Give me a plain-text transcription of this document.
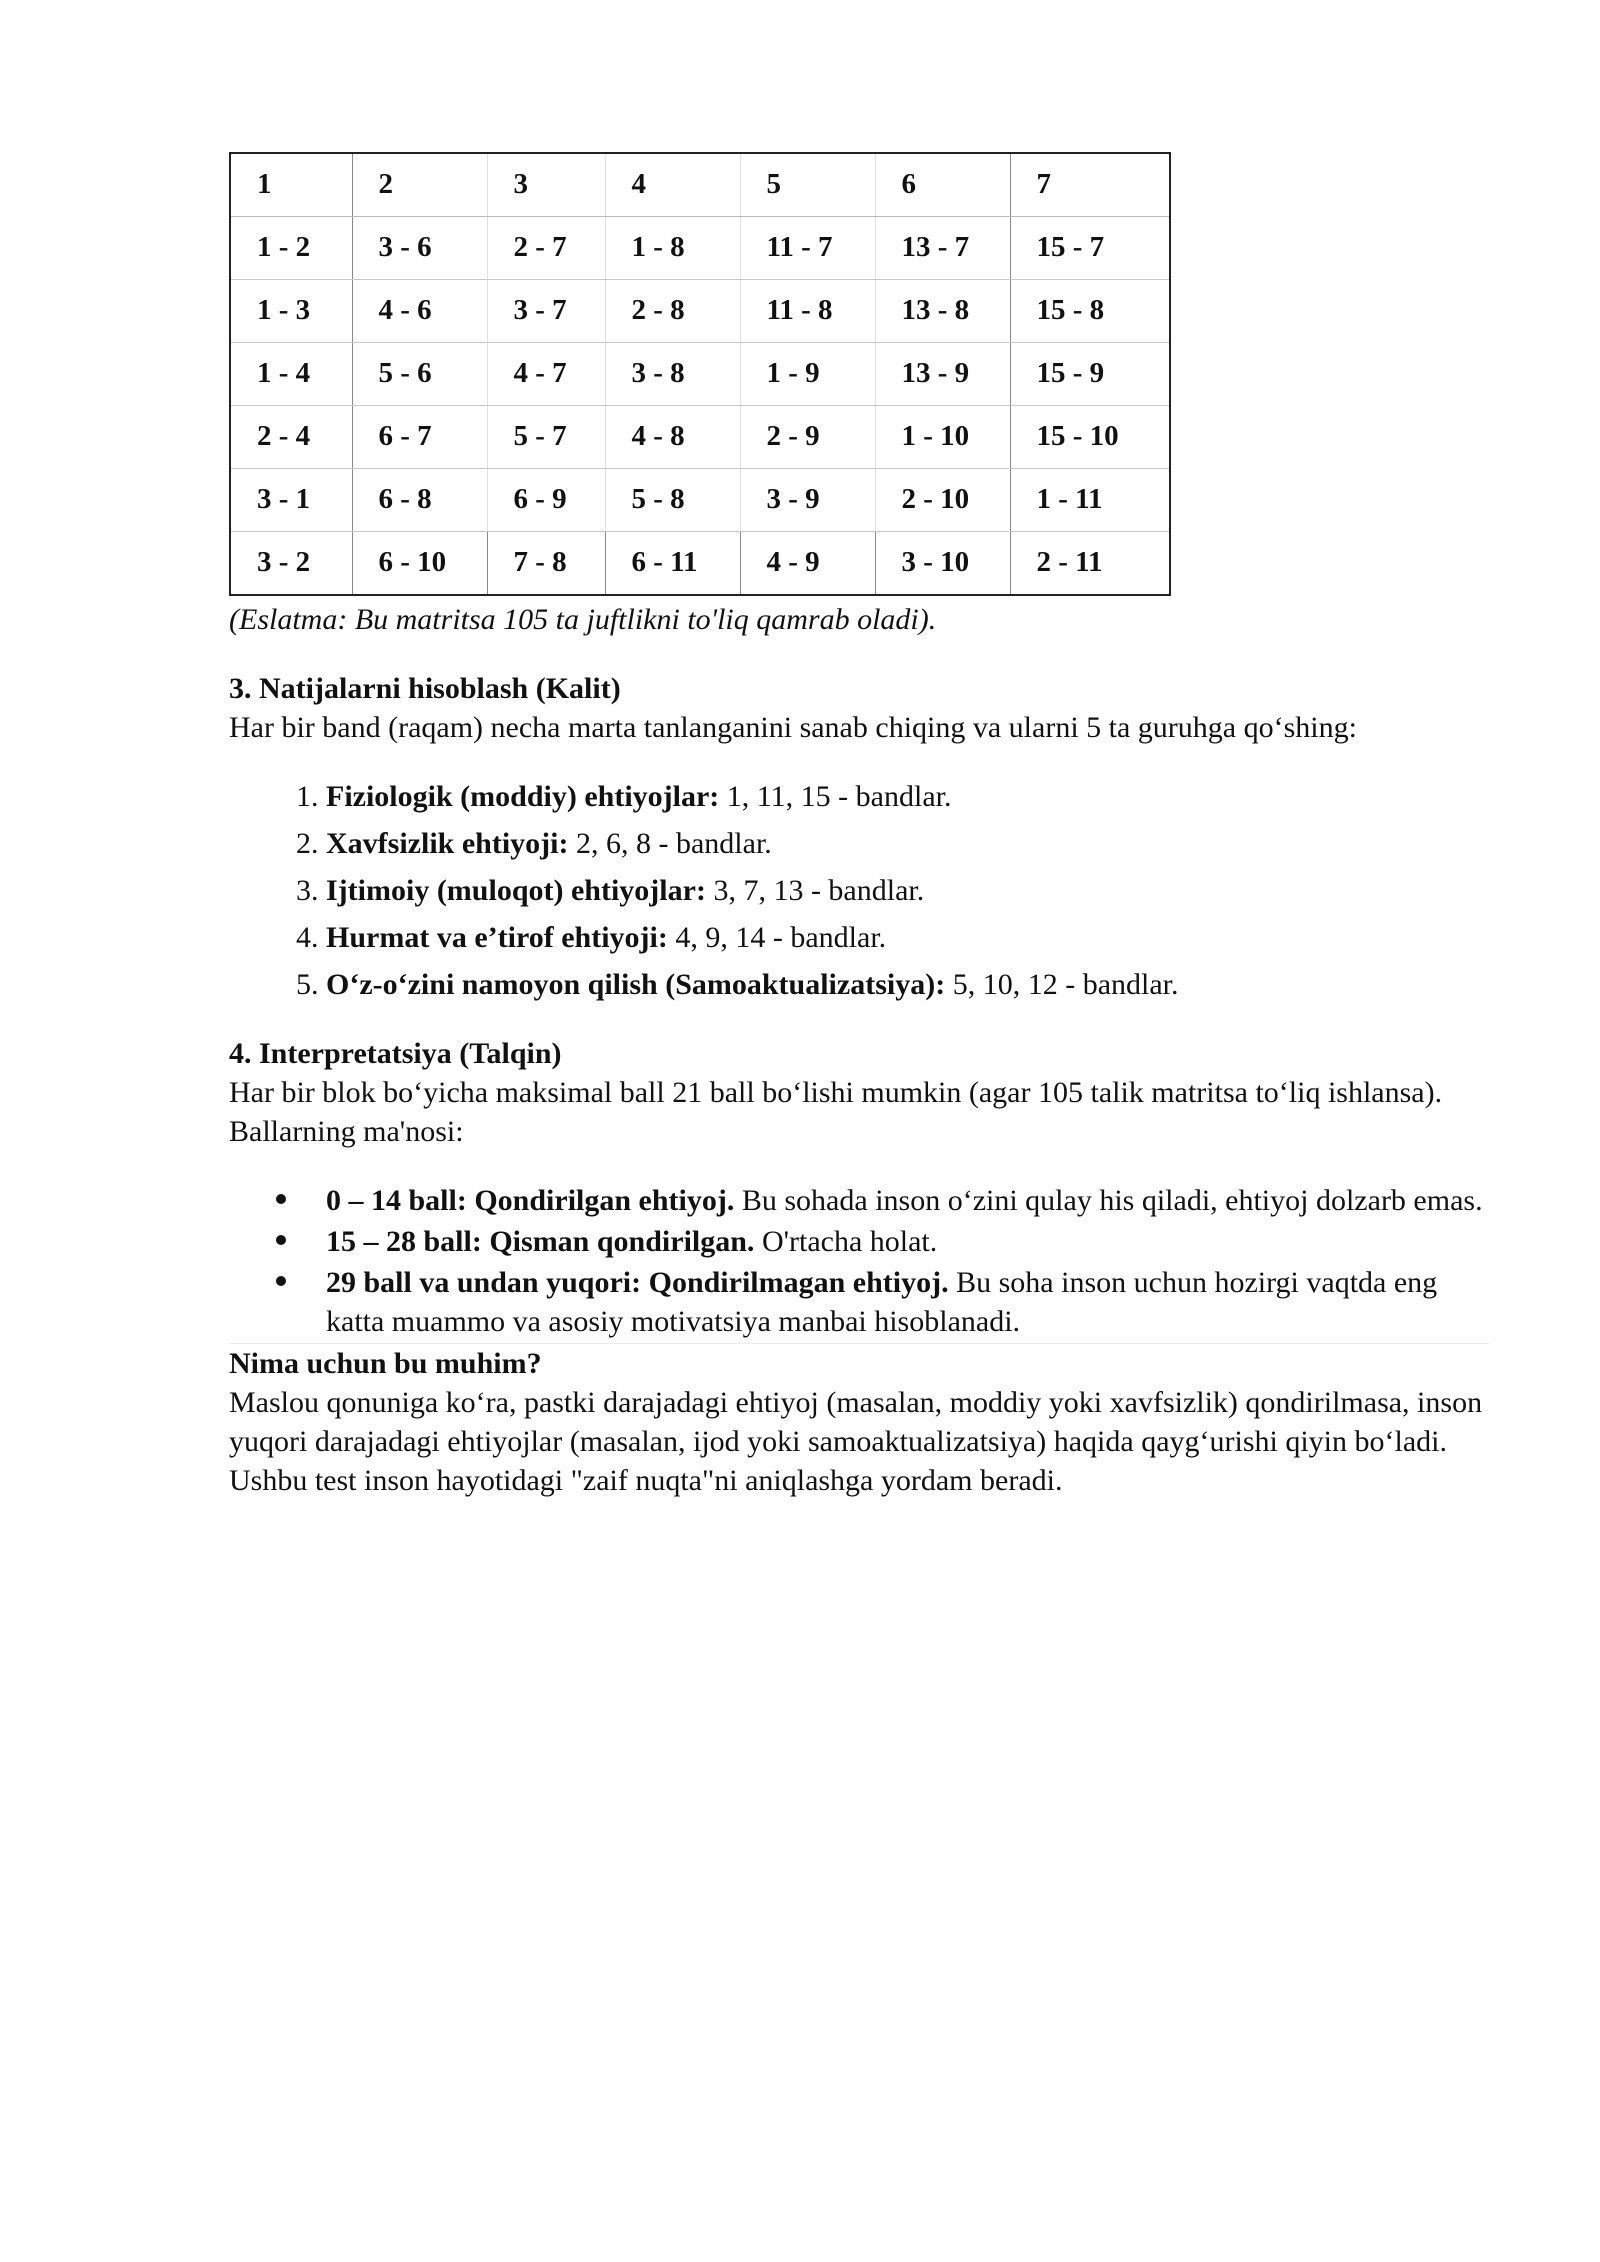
1	2	3	4	5	6	7
1 - 2	3 - 6	2 - 7	1 - 8	11 - 7	13 - 7	15 - 7
1 - 3	4 - 6	3 - 7	2 - 8	11 - 8	13 - 8	15 - 8
1 - 4	5 - 6	4 - 7	3 - 8	1 - 9	13 - 9	15 - 9
2 - 4	6 - 7	5 - 7	4 - 8	2 - 9	1 - 10	15 - 10
3 - 1	6 - 8	6 - 9	5 - 8	3 - 9	2 - 10	1 - 11
3 - 2	6 - 10	7 - 8	6 - 11	4 - 9	3 - 10	2 - 11

(Eslatma: Bu matritsa 105 ta juftlikni to'liq qamrab oladi).

3. Natijalarni hisoblash (Kalit)

Har bir band (raqam) necha marta tanlanganini sanab chiqing va ularni 5 ta guruhga qo‘shing:

1. Fiziologik (moddiy) ehtiyojlar: 1, 11, 15 - bandlar.
2. Xavfsizlik ehtiyoji: 2, 6, 8 - bandlar.
3. Ijtimoiy (muloqot) ehtiyojlar: 3, 7, 13 - bandlar.
4. Hurmat va e’tirof ehtiyoji: 4, 9, 14 - bandlar.
5. O‘z-o‘zini namoyon qilish (Samoaktualizatsiya): 5, 10, 12 - bandlar.
4. Interpretatsiya (Talqin)

Har bir blok bo‘yicha maksimal ball 21 ball bo‘lishi mumkin (agar 105 talik matritsa to‘liq ishlansa). Ballarning ma'nosi:

0 – 14 ball: Qondirilgan ehtiyoj. Bu sohada inson o‘zini qulay his qiladi, ehtiyoj dolzarb emas.
15 – 28 ball: Qisman qondirilgan. O'rtacha holat.
29 ball va undan yuqori: Qondirilmagan ehtiyoj. Bu soha inson uchun hozirgi vaqtda eng katta muammo va asosiy motivatsiya manbai hisoblanadi.
Nima uchun bu muhim?

Maslou qonuniga ko‘ra, pastki darajadagi ehtiyoj (masalan, moddiy yoki xavfsizlik) qondirilmasa, inson yuqori darajadagi ehtiyojlar (masalan, ijod yoki samoaktualizatsiya) haqida qayg‘urishi qiyin bo‘ladi. Ushbu test inson hayotidagi "zaif nuqta"ni aniqlashga yordam beradi.
